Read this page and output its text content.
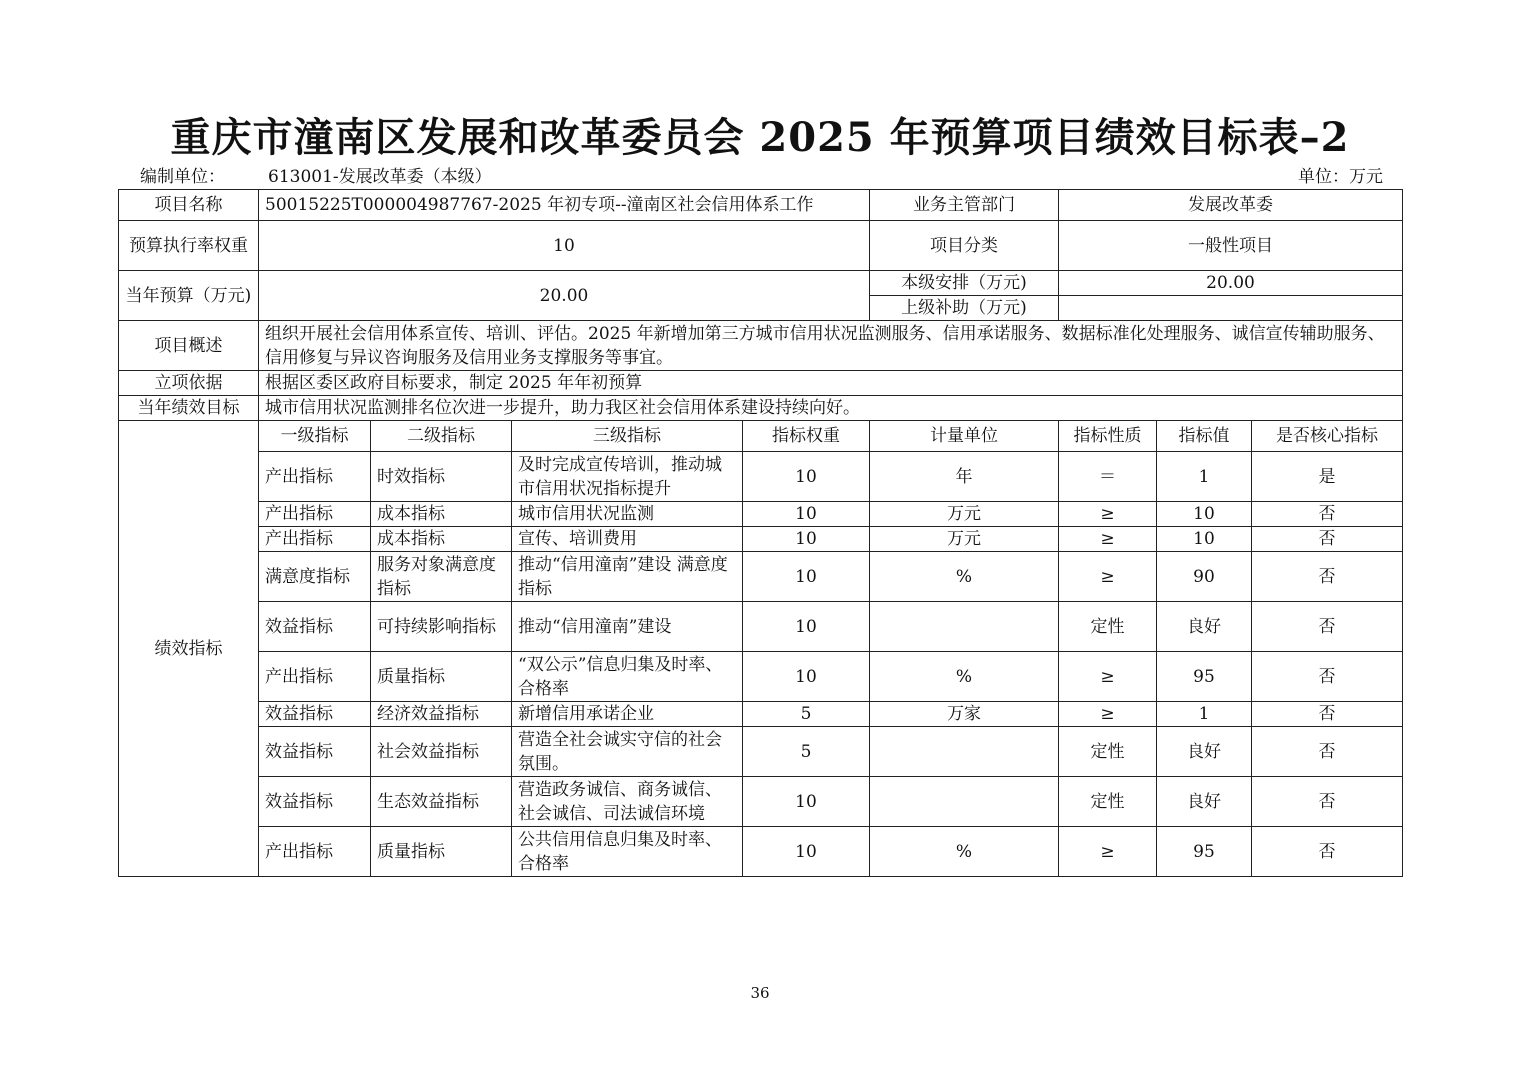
重庆市潼南区发展和改革委员会 2025 年预算项目绩效目标表–2
编制单位：	613001-发展改革委（本级）	单位：万元
项目名称	50015225T000004987767-2025 年初专项--潼南区社会信用体系工作				业务主管部门	发展改革委		
预算执行率权重	10				项目分类	一般性项目		
当年预算（万元)	20.00				本级安排（万元)	20.00		
					上级补助（万元)			
项目概述	组织开展社会信用体系宣传、培训、评估。2025 年新增加第三方城市信用状况监测服务、信用承诺服务、数据标准化处理服务、诚信宣传辅助服务、信用修复与异议咨询服务及信用业务支撑服务等事宜。							
立项依据	根据区委区政府目标要求，制定 2025 年年初预算							
当年绩效目标	城市信用状况监测排名位次进一步提升，助力我区社会信用体系建设持续向好。							
绩效指标	一级指标	二级指标	三级指标	指标权重	计量单位	指标性质	指标值	是否核心指标
	产出指标	时效指标	及时完成宣传培训，推动城市信用状况指标提升	10	年	＝	1	是
	产出指标	成本指标	城市信用状况监测	10	万元	≥	10	否
	产出指标	成本指标	宣传、培训费用	10	万元	≥	10	否
	满意度指标	服务对象满意度指标	推动“信用潼南”建设 满意度指标	10	%	≥	90	否
	效益指标	可持续影响指标	推动“信用潼南”建设	10		定性	良好	否
	产出指标	质量指标	“双公示”信息归集及时率、合格率	10	%	≥	95	否
	效益指标	经济效益指标	新增信用承诺企业	5	万家	≥	1	否
	效益指标	社会效益指标	营造全社会诚实守信的社会氛围。	5		定性	良好	否
	效益指标	生态效益指标	营造政务诚信、商务诚信、社会诚信、司法诚信环境	10		定性	良好	否
	产出指标	质量指标	公共信用信息归集及时率、合格率	10	%	≥	95	否
36
